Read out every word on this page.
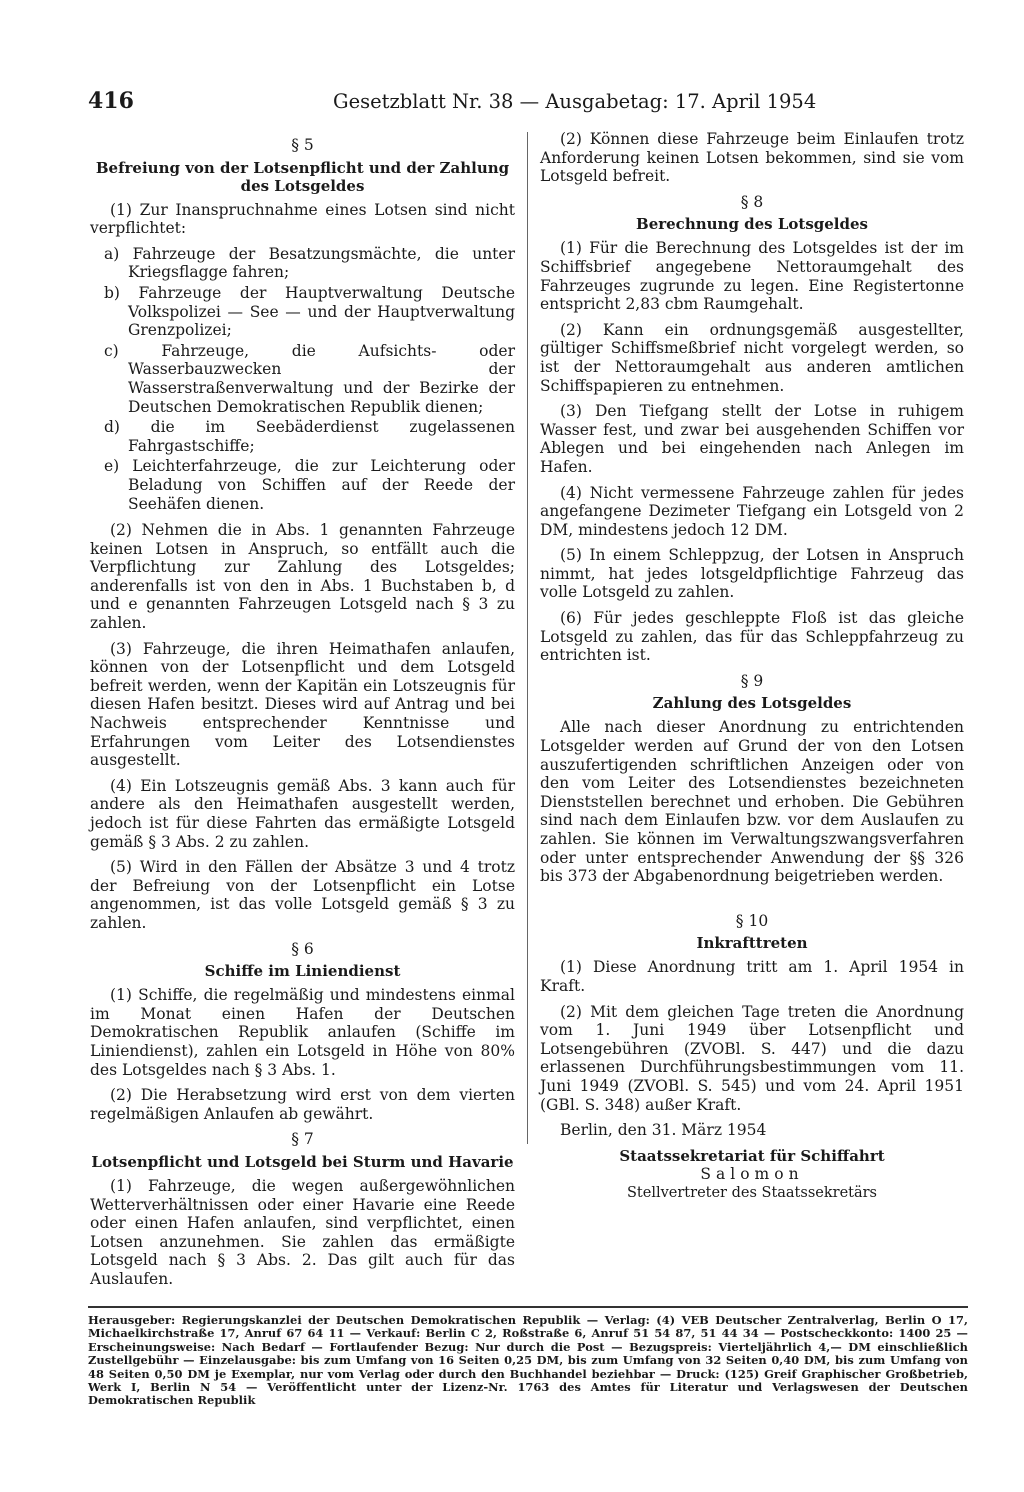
416	Gesetzblatt Nr. 38 — Ausgabetag: 17. April 1954
§ 5
Befreiung von der Lotsenpflicht und der Zahlung des Lotsgeldes

(1) Zur Inanspruchnahme eines Lotsen sind nicht verpflichtet:

a) Fahrzeuge der Besatzungsmächte, die unter Kriegsflagge fahren;
b) Fahrzeuge der Hauptverwaltung Deutsche Volkspolizei — See — und der Hauptverwaltung Grenzpolizei;
c) Fahrzeuge, die Aufsichts- oder Wasserbauzwecken der Wasserstraßenverwaltung und der Bezirke der Deutschen Demokratischen Republik dienen;
d) die im Seebäderdienst zugelassenen Fahrgastschiffe;
e) Leichterfahrzeuge, die zur Leichterung oder Beladung von Schiffen auf der Reede der Seehäfen dienen.

(2) Nehmen die in Abs. 1 genannten Fahrzeuge keinen Lotsen in Anspruch, so entfällt auch die Verpflichtung zur Zahlung des Lotsgeldes; anderenfalls ist von den in Abs. 1 Buchstaben b, d und e genannten Fahrzeugen Lotsgeld nach § 3 zu zahlen.

(3) Fahrzeuge, die ihren Heimathafen anlaufen, können von der Lotsenpflicht und dem Lotsgeld befreit werden, wenn der Kapitän ein Lotszeugnis für diesen Hafen besitzt. Dieses wird auf Antrag und bei Nachweis entsprechender Kenntnisse und Erfahrungen vom Leiter des Lotsendienstes ausgestellt.

(4) Ein Lotszeugnis gemäß Abs. 3 kann auch für andere als den Heimathafen ausgestellt werden, jedoch ist für diese Fahrten das ermäßigte Lotsgeld gemäß § 3 Abs. 2 zu zahlen.

(5) Wird in den Fällen der Absätze 3 und 4 trotz der Befreiung von der Lotsenpflicht ein Lotse angenommen, ist das volle Lotsgeld gemäß § 3 zu zahlen.

§ 6
Schiffe im Liniendienst

(1) Schiffe, die regelmäßig und mindestens einmal im Monat einen Hafen der Deutschen Demokratischen Republik anlaufen (Schiffe im Liniendienst), zahlen ein Lotsgeld in Höhe von 80% des Lotsgeldes nach § 3 Abs. 1.

(2) Die Herabsetzung wird erst von dem vierten regelmäßigen Anlaufen ab gewährt.

§ 7
Lotsenpflicht und Lotsgeld bei Sturm und Havarie

(1) Fahrzeuge, die wegen außergewöhnlichen Wetterverhältnissen oder einer Havarie eine Reede oder einen Hafen anlaufen, sind verpflichtet, einen Lotsen anzunehmen. Sie zahlen das ermäßigte Lotsgeld nach § 3 Abs. 2. Das gilt auch für das Auslaufen.

(2) Können diese Fahrzeuge beim Einlaufen trotz Anforderung keinen Lotsen bekommen, sind sie vom Lotsgeld befreit.

§ 8
Berechnung des Lotsgeldes

(1) Für die Berechnung des Lotsgeldes ist der im Schiffsbrief angegebene Nettoraumgehalt des Fahrzeuges zugrunde zu legen. Eine Registertonne entspricht 2,83 cbm Raumgehalt.

(2) Kann ein ordnungsgemäß ausgestellter, gültiger Schiffsmeßbrief nicht vorgelegt werden, so ist der Nettoraumgehalt aus anderen amtlichen Schiffspapieren zu entnehmen.

(3) Den Tiefgang stellt der Lotse in ruhigem Wasser fest, und zwar bei ausgehenden Schiffen vor Ablegen und bei eingehenden nach Anlegen im Hafen.

(4) Nicht vermessene Fahrzeuge zahlen für jedes angefangene Dezimeter Tiefgang ein Lotsgeld von 2 DM, mindestens jedoch 12 DM.

(5) In einem Schleppzug, der Lotsen in Anspruch nimmt, hat jedes lotsgeldpflichtige Fahrzeug das volle Lotsgeld zu zahlen.

(6) Für jedes geschleppte Floß ist das gleiche Lotsgeld zu zahlen, das für das Schleppfahrzeug zu entrichten ist.

§ 9
Zahlung des Lotsgeldes

Alle nach dieser Anordnung zu entrichtenden Lotsgelder werden auf Grund der von den Lotsen auszufertigenden schriftlichen Anzeigen oder von den vom Leiter des Lotsendienstes bezeichneten Dienststellen berechnet und erhoben. Die Gebühren sind nach dem Einlaufen bzw. vor dem Auslaufen zu zahlen. Sie können im Verwaltungszwangsverfahren oder unter entsprechender Anwendung der §§ 326 bis 373 der Abgabenordnung beigetrieben werden.

§ 10
Inkrafttreten

(1) Diese Anordnung tritt am 1. April 1954 in Kraft.

(2) Mit dem gleichen Tage treten die Anordnung vom 1. Juni 1949 über Lotsenpflicht und Lotsengebühren (ZVOBl. S. 447) und die dazu erlassenen Durchführungsbestimmungen vom 11. Juni 1949 (ZVOBl. S. 545) und vom 24. April 1951 (GBl. S. 348) außer Kraft.

Berlin, den 31. März 1954

Staatssekretariat für Schiffahrt
Salomon
Stellvertreter des Staatssekretärs
Herausgeber: Regierungskanzlei der Deutschen Demokratischen Republik — Verlag: (4) VEB Deutscher Zentralverlag, Berlin O 17, Michaelkirchstraße 17, Anruf 67 64 11 — Verkauf: Berlin C 2, Roßstraße 6, Anruf 51 54 87, 51 44 34 — Postscheckkonto: 1400 25 — Erscheinungsweise: Nach Bedarf — Fortlaufender Bezug: Nur durch die Post — Bezugspreis: Vierteljährlich 4,— DM einschließlich Zustellgebühr — Einzelausgabe: bis zum Umfang von 16 Seiten 0,25 DM, bis zum Umfang von 32 Seiten 0,40 DM, bis zum Umfang von 48 Seiten 0,50 DM je Exemplar, nur vom Verlag oder durch den Buchhandel beziehbar — Druck: (125) Greif Graphischer Großbetrieb, Werk I, Berlin N 54 — Veröffentlicht unter der Lizenz-Nr. 1763 des Amtes für Literatur und Verlagswesen der Deutschen Demokratischen Republik
